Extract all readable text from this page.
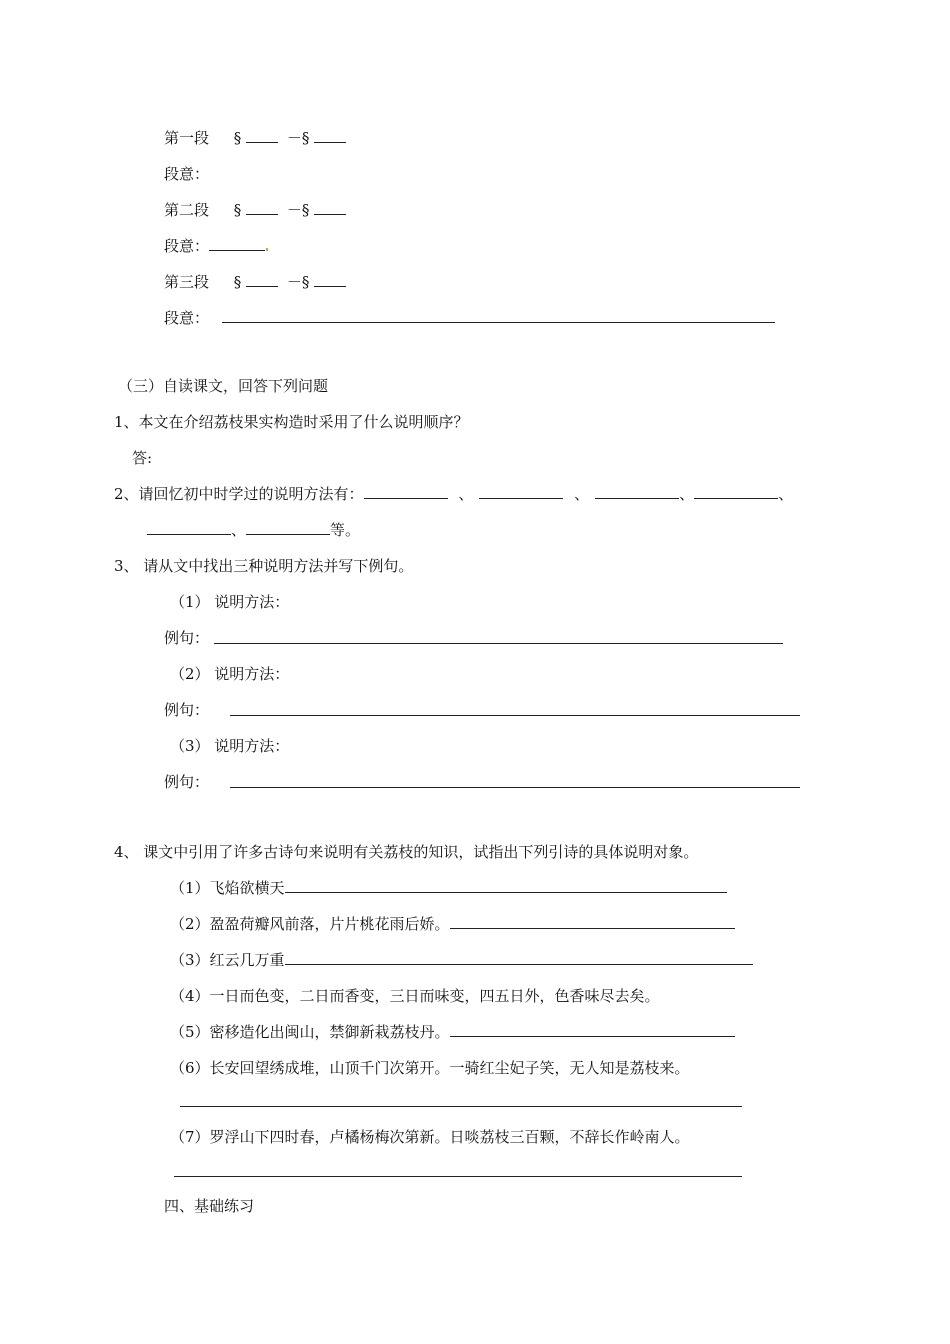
第一段 §	－§
段意：
第二段 §	－§
段意：
第三段 §	－§
段意：
（三）自读课文，回答下列问题
1、本文在介绍荔枝果实构造时采用了什么说明顺序？
答:
2、请回忆初中时学过的说明方法有：	、	、	、	、
、	等。
3、 请从文中找出三种说明方法并写下例句。
（1） 说明方法：
例句：
（2） 说明方法：
例句：
（3） 说明方法：
例句：
4、 课文中引用了许多古诗句来说明有关荔枝的知识，试指出下列引诗的具体说明对象。
（1）飞焰欲横天
（2）盈盈荷瓣风前落，片片桃花雨后娇。
（3）红云几万重
（4）一日而色变，二日而香变，三日而味变，四五日外，色香味尽去矣。
（5）密移造化出闽山，禁御新栽荔枝丹。
（6）长安回望绣成堆，山顶千门次第开。一骑红尘妃子笑，无人知是荔枝来。
（7）罗浮山下四时春，卢橘杨梅次第新。日啖荔枝三百颗，不辞长作岭南人。
四、基础练习
